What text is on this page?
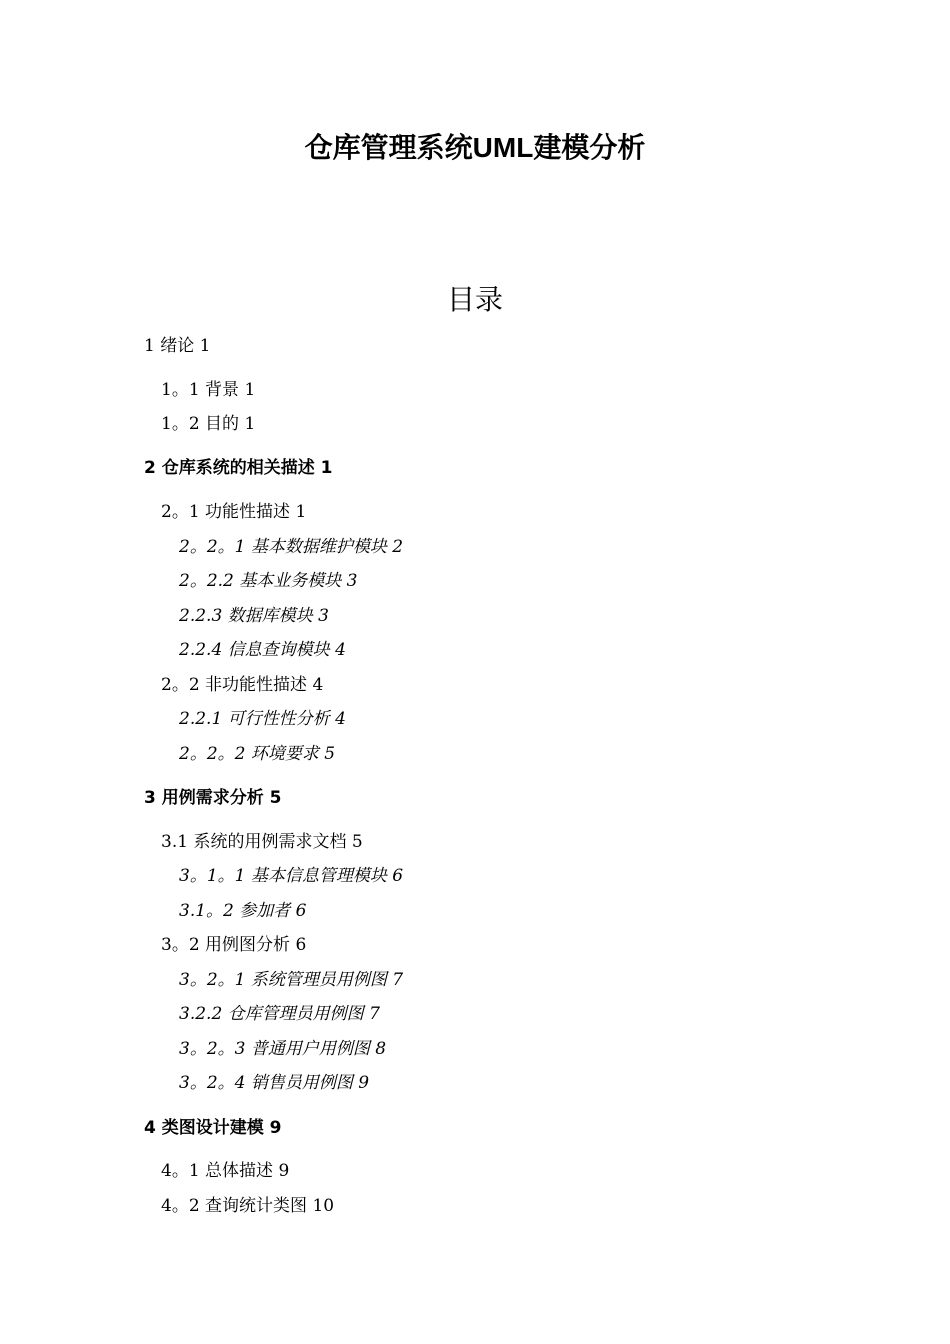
仓库管理系统UML建模分析
目录
1 绪论 1
1。1 背景 1
1。2 目的 1
2 仓库系统的相关描述 1
2。1 功能性描述 1
2。2。1 基本数据维护模块 2
2。2.2 基本业务模块 3
2.2.3 数据库模块 3
2.2.4 信息查询模块 4
2。2 非功能性描述 4
2.2.1 可行性性分析 4
2。2。2 环境要求 5
3 用例需求分析 5
3.1 系统的用例需求文档 5
3。1。1 基本信息管理模块 6
3.1。2 参加者 6
3。2 用例图分析 6
3。2。1 系统管理员用例图 7
3.2.2 仓库管理员用例图 7
3。2。3 普通用户用例图 8
3。2。4 销售员用例图 9
4 类图设计建模 9
4。1 总体描述 9
4。2 查询统计类图 10
